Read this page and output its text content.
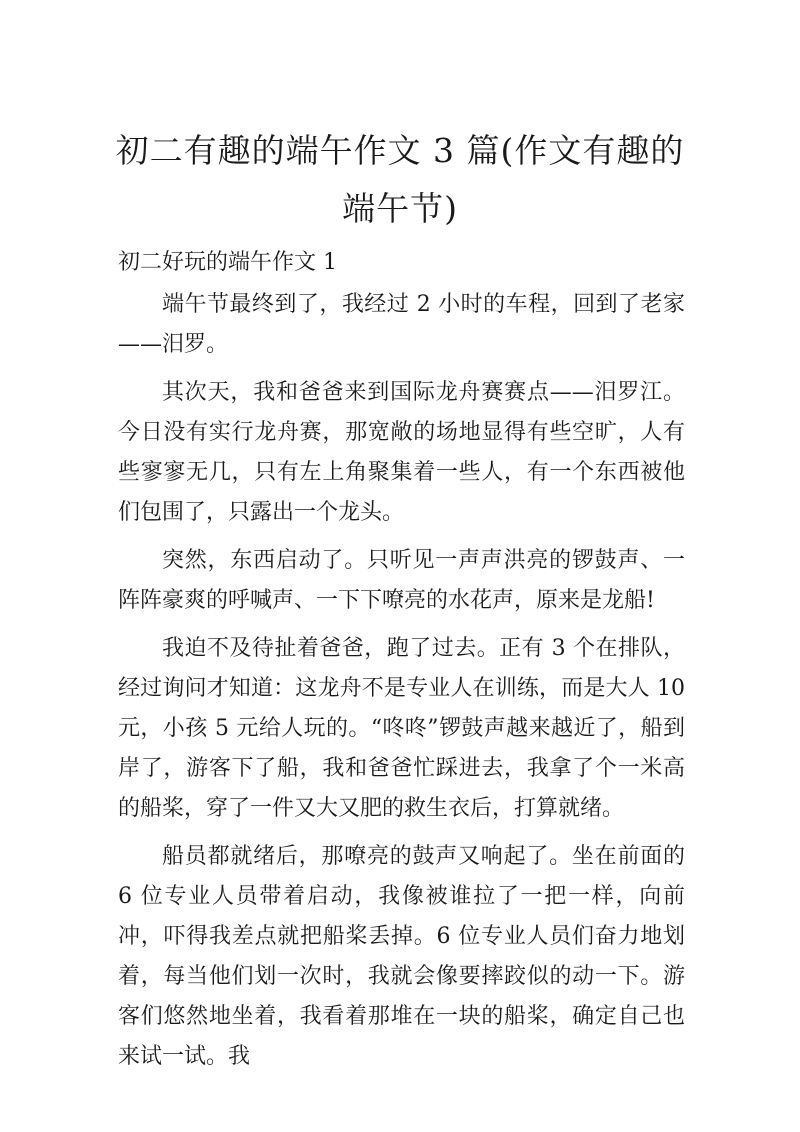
初二有趣的端午作文 3 篇(作文有趣的端午节)

初二好玩的端午作文 1

端午节最终到了，我经过 2 小时的车程，回到了老家——汨罗。

其次天，我和爸爸来到国际龙舟赛赛点——汨罗江。今日没有实行龙舟赛，那宽敞的场地显得有些空旷，人有些寥寥无几，只有左上角聚集着一些人，有一个东西被他们包围了，只露出一个龙头。

突然，东西启动了。只听见一声声洪亮的锣鼓声、一阵阵豪爽的呼喊声、一下下嘹亮的水花声，原来是龙船!

我迫不及待扯着爸爸，跑了过去。正有 3 个在排队，经过询问才知道：这龙舟不是专业人在训练，而是大人 10 元，小孩 5 元给人玩的。“咚咚”锣鼓声越来越近了，船到岸了，游客下了船，我和爸爸忙踩进去，我拿了个一米高的船桨，穿了一件又大又肥的救生衣后，打算就绪。

船员都就绪后，那嘹亮的鼓声又响起了。坐在前面的 6 位专业人员带着启动，我像被谁拉了一把一样，向前冲，吓得我差点就把船桨丢掉。6 位专业人员们奋力地划着，每当他们划一次时，我就会像要摔跤似的动一下。游客们悠然地坐着，我看着那堆在一块的船桨，确定自己也来试一试。我
